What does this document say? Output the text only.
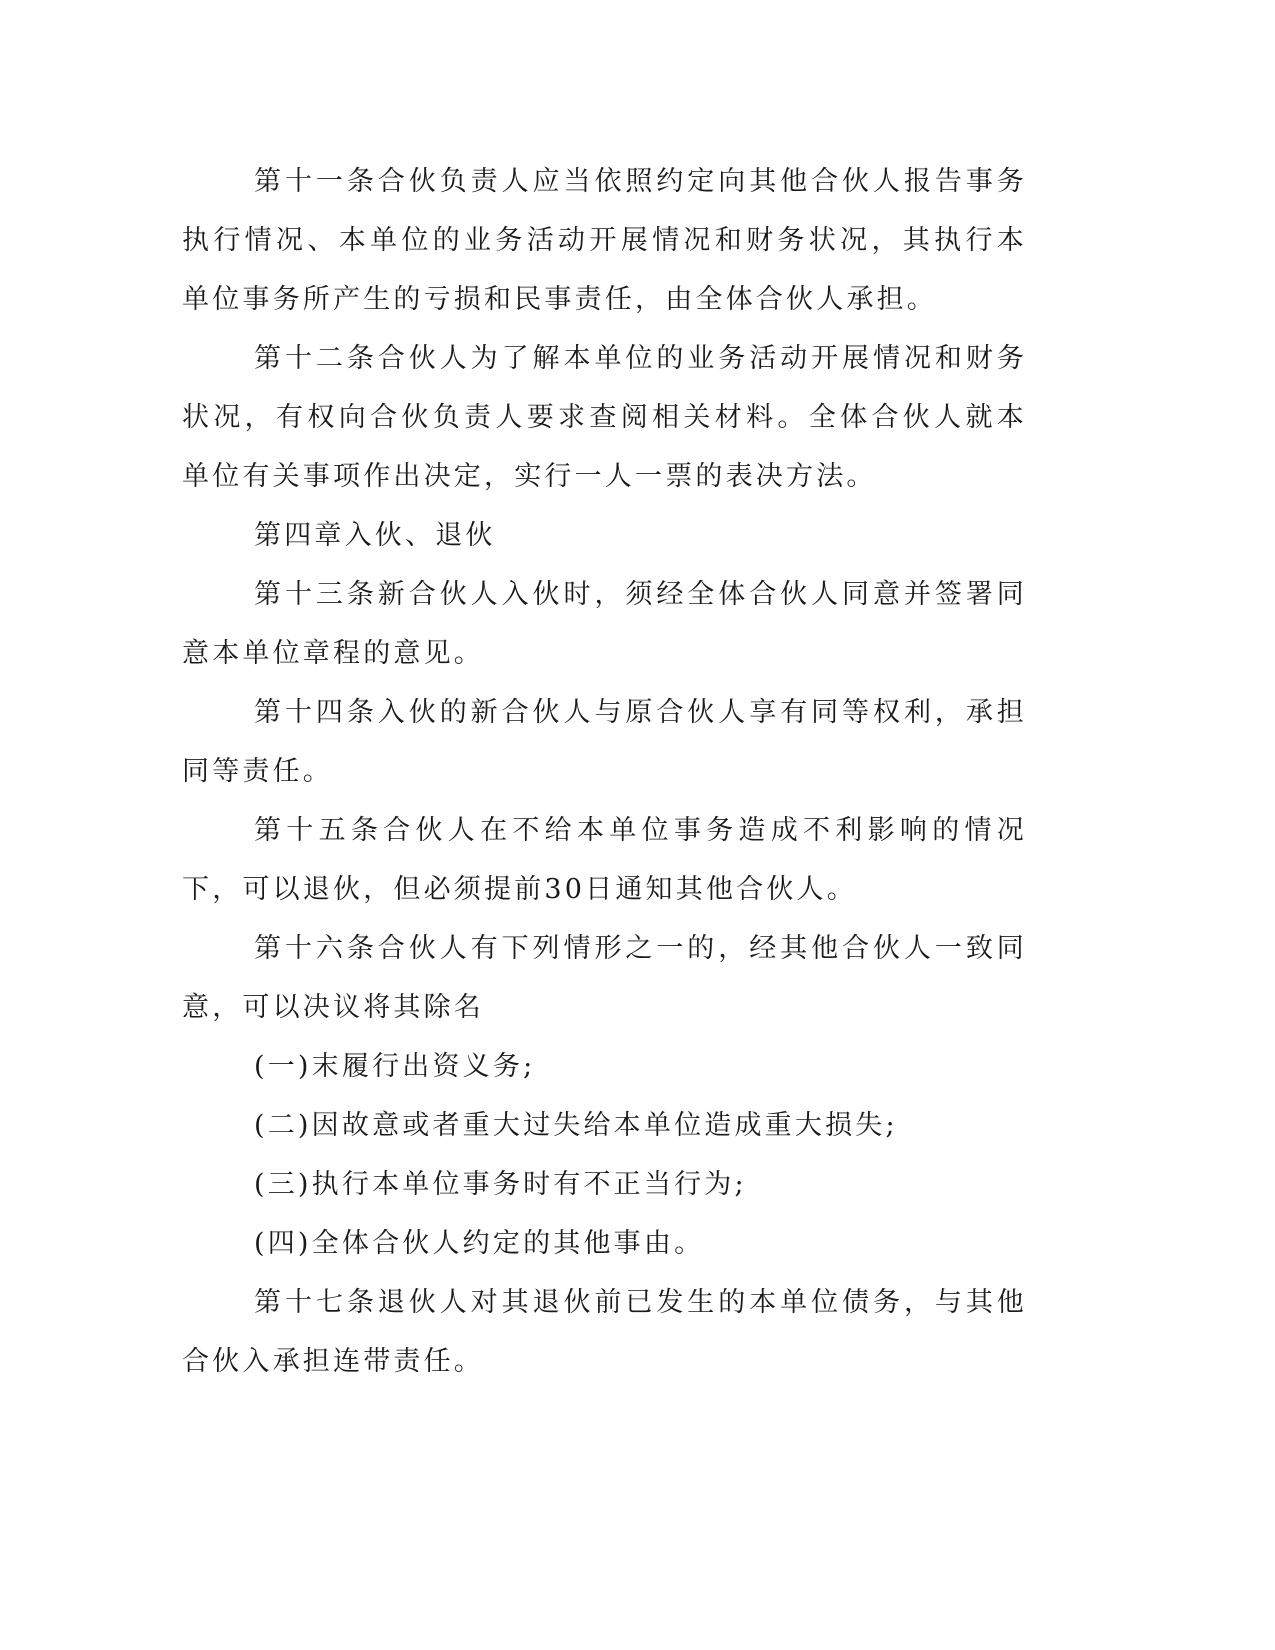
第十一条合伙负责人应当依照约定向其他合伙人报告事务执行情况、本单位的业务活动开展情况和财务状况，其执行本单位事务所产生的亏损和民事责任，由全体合伙人承担。

第十二条合伙人为了解本单位的业务活动开展情况和财务状况，有权向合伙负责人要求查阅相关材料。全体合伙人就本单位有关事项作出决定，实行一人一票的表决方法。

第四章入伙、退伙

第十三条新合伙人入伙时，须经全体合伙人同意并签署同意本单位章程的意见。

第十四条入伙的新合伙人与原合伙人享有同等权利，承担同等责任。

第十五条合伙人在不给本单位事务造成不利影响的情况下，可以退伙，但必须提前30日通知其他合伙人。

第十六条合伙人有下列情形之一的，经其他合伙人一致同意，可以决议将其除名

(一)末履行出资义务;

(二)因故意或者重大过失给本单位造成重大损失;

(三)执行本单位事务时有不正当行为;

(四)全体合伙人约定的其他事由。

第十七条退伙人对其退伙前已发生的本单位债务，与其他合伙入承担连带责任。
